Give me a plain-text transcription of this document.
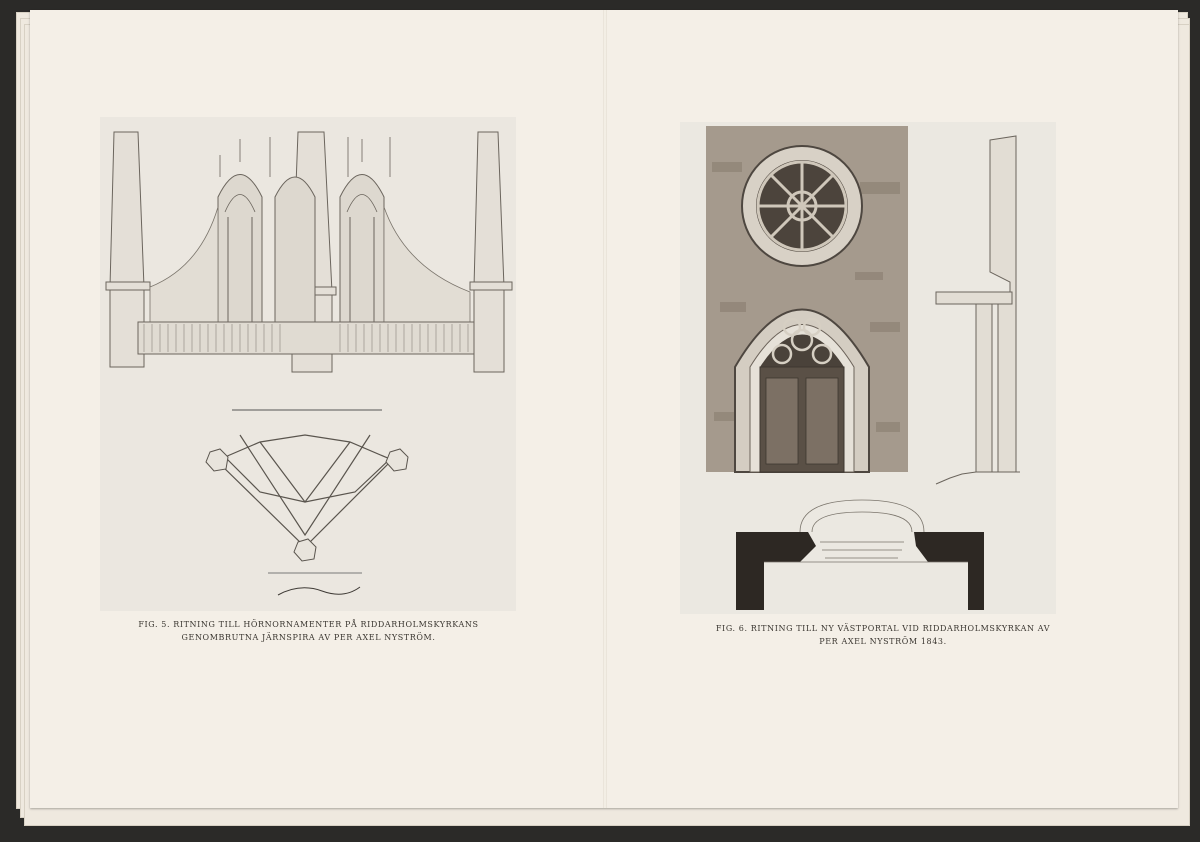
FIG. 5. RITNING TILL HÖRNORNAMENTER PÅ RIDDARHOLMSKYRKANS GENOMBRUTNA JÄRNSPIRA AV PER AXEL NYSTRÖM.
FIG. 6. RITNING TILL NY VÄSTPORTAL VID RIDDARHOLMSKYRKAN AV PER AXEL NYSTRÖM 1843.
